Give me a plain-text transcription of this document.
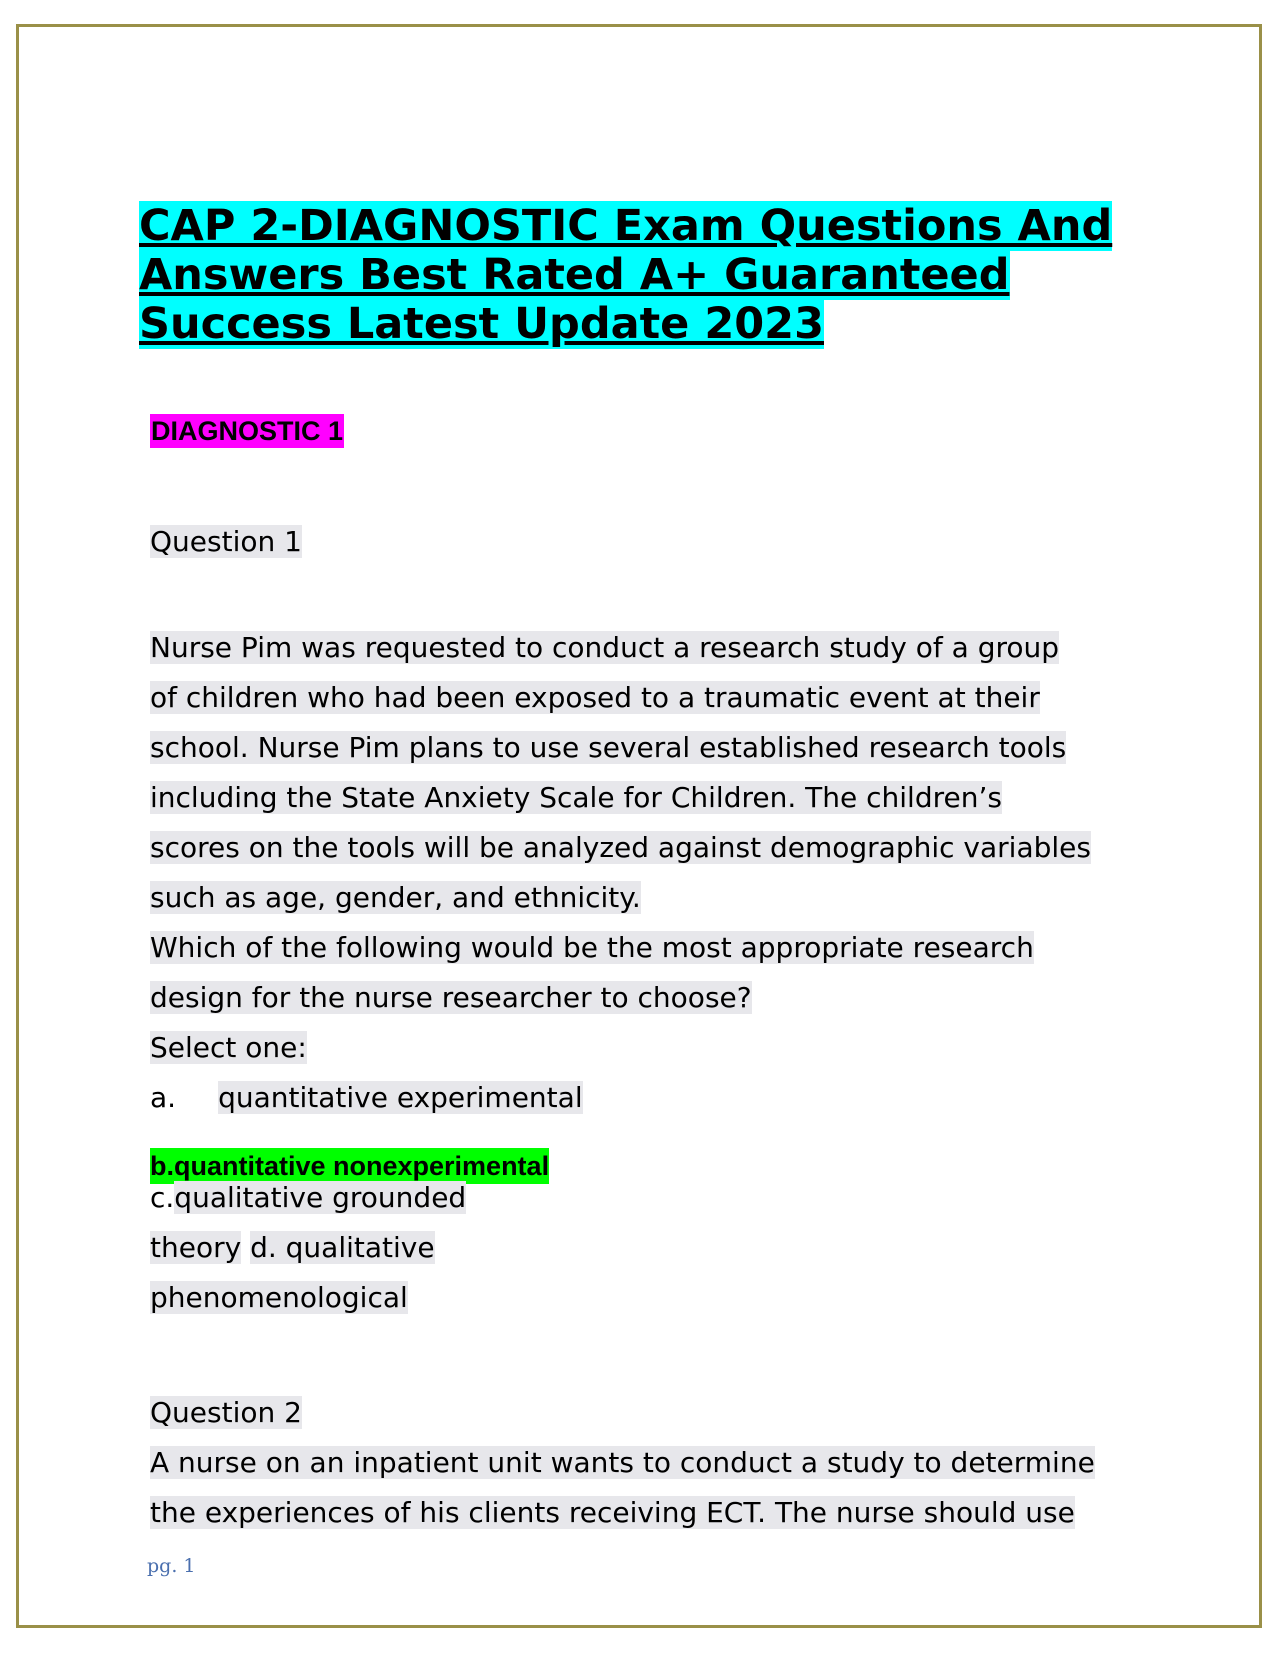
CAP 2-DIAGNOSTIC Exam Questions And Answers Best Rated A+ Guaranteed Success Latest Update 2023
DIAGNOSTIC 1

Question 1

Nurse Pim was requested to conduct a research study of a group

of children who had been exposed to a traumatic event at their

school. Nurse Pim plans to use several established research tools

including the State Anxiety Scale for Children. The children’s

scores on the tools will be analyzed against demographic variables

such as age, gender, and ethnicity.

Which of the following would be the most appropriate research

design for the nurse researcher to choose?

Select one:

a. quantitative experimental

b.quantitative nonexperimental

c.qualitative grounded

theory d. qualitative

phenomenological

Question 2

A nurse on an inpatient unit wants to conduct a study to determine

the experiences of his clients receiving ECT. The nurse should use

pg. 1
